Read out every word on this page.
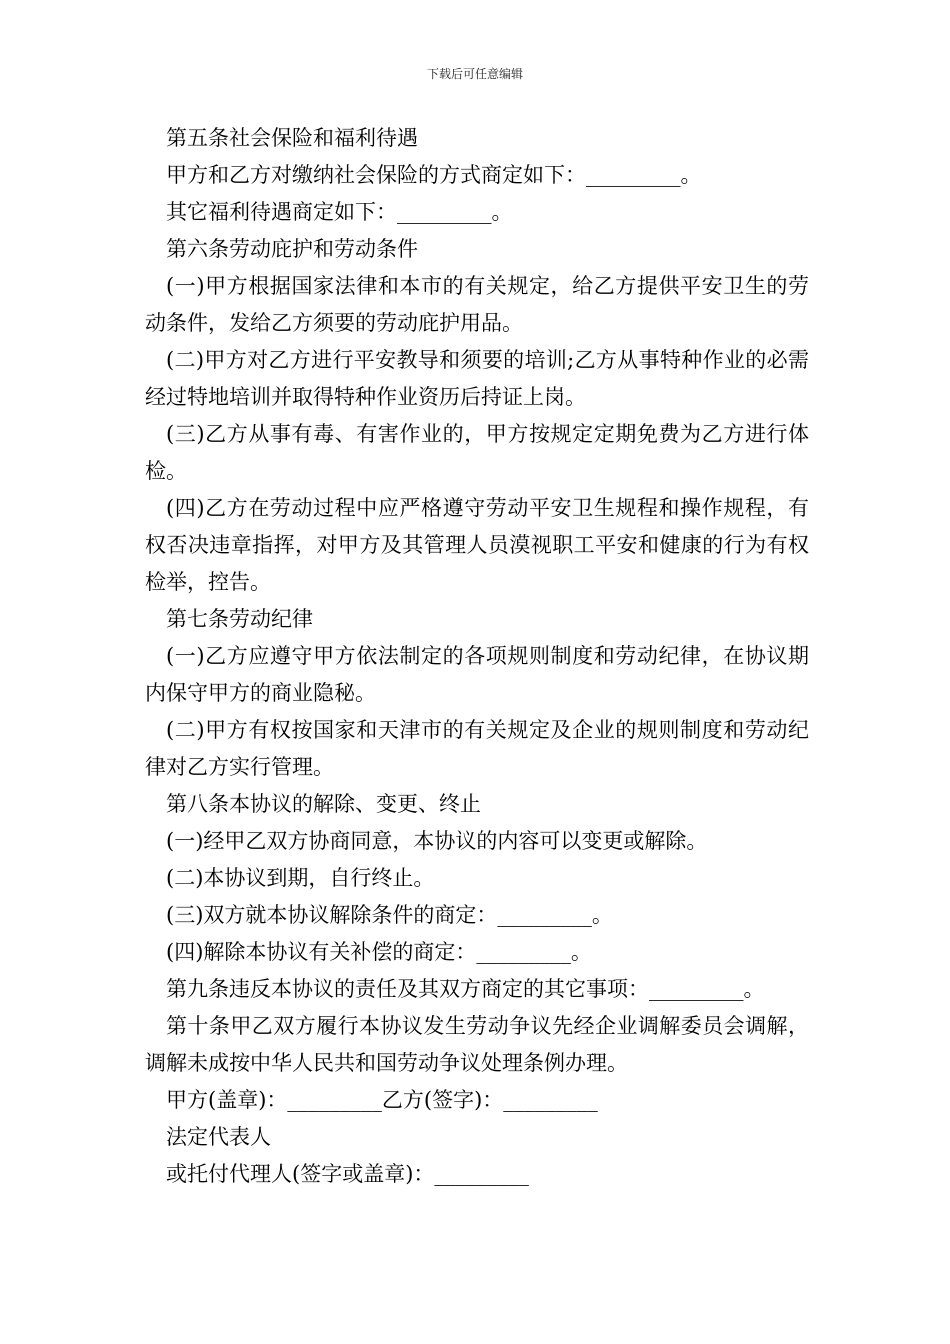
下载后可任意编辑

第五条社会保险和福利待遇

甲方和乙方对缴纳社会保险的方式商定如下：_________。

其它福利待遇商定如下：_________。

第六条劳动庇护和劳动条件

(一)甲方根据国家法律和本市的有关规定，给乙方提供平安卫生的劳动条件，发给乙方须要的劳动庇护用品。

(二)甲方对乙方进行平安教导和须要的培训;乙方从事特种作业的必需经过特地培训并取得特种作业资历后持证上岗。

(三)乙方从事有毒、有害作业的，甲方按规定定期免费为乙方进行体检。

(四)乙方在劳动过程中应严格遵守劳动平安卫生规程和操作规程，有权否决违章指挥，对甲方及其管理人员漠视职工平安和健康的行为有权检举，控告。

第七条劳动纪律

(一)乙方应遵守甲方依法制定的各项规则制度和劳动纪律，在协议期内保守甲方的商业隐秘。

(二)甲方有权按国家和天津市的有关规定及企业的规则制度和劳动纪律对乙方实行管理。

第八条本协议的解除、变更、终止

(一)经甲乙双方协商同意，本协议的内容可以变更或解除。

(二)本协议到期，自行终止。

(三)双方就本协议解除条件的商定：_________。

(四)解除本协议有关补偿的商定：_________。

第九条违反本协议的责任及其双方商定的其它事项：_________。

第十条甲乙双方履行本协议发生劳动争议先经企业调解委员会调解，调解未成按中华人民共和国劳动争议处理条例办理。

甲方(盖章)：_________乙方(签字)：_________

法定代表人

或托付代理人(签字或盖章)：_________
